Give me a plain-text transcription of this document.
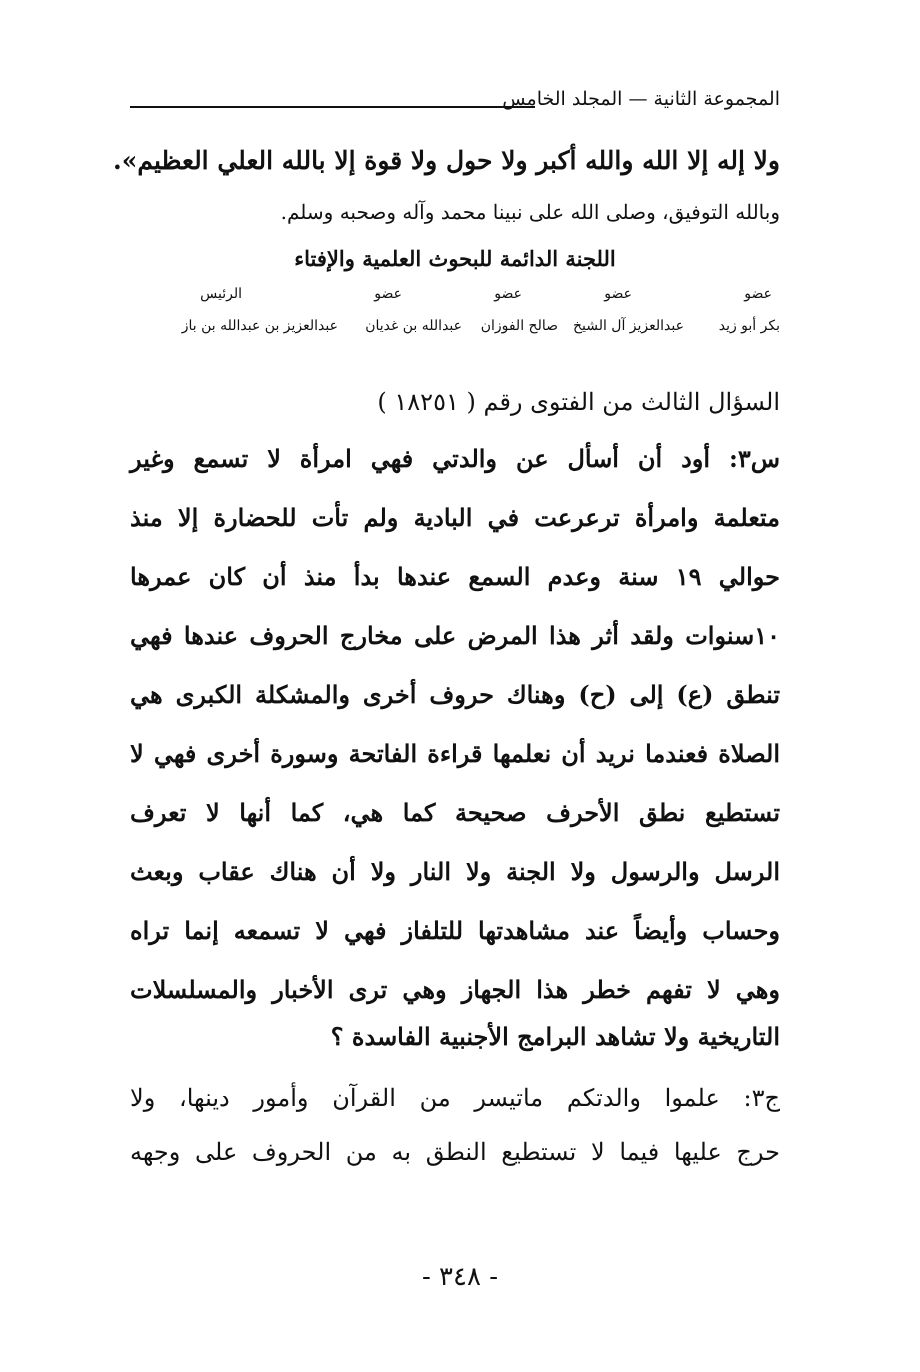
المجموعة الثانية — المجلد الخامس
ولا إله إلا الله والله أكبر ولا حول ولا قوة إلا بالله العلي العظيم».
وبالله التوفيق، وصلى الله على نبينا محمد وآله وصحبه وسلم.
اللجنة الدائمة للبحوث العلمية والإفتاء
عضو
عضو
عضو
عضو
الرئيس
بكر أبو زيد
عبدالعزيز آل الشيخ
صالح الفوزان
عبدالله بن غديان
عبدالعزيز بن عبدالله بن باز
السؤال الثالث من الفتوى رقم ( ١٨٢٥١ )
س٣: أود أن أسأل عن والدتي فهي امرأة لا تسمع وغير
متعلمة وامرأة ترعرعت في البادية ولم تأت للحضارة إلا منذ
حوالي ١٩ سنة وعدم السمع عندها بدأ منذ أن كان عمرها
١٠سنوات ولقد أثر هذا المرض على مخارج الحروف عندها فهي
تنطق (ع) إلى (ح) وهناك حروف أخرى والمشكلة الكبرى هي
الصلاة فعندما نريد أن نعلمها قراءة الفاتحة وسورة أخرى فهي لا
تستطيع نطق الأحرف صحيحة كما هي، كما أنها لا تعرف
الرسل والرسول ولا الجنة ولا النار ولا أن هناك عقاب وبعث
وحساب وأيضاً عند مشاهدتها للتلفاز فهي لا تسمعه إنما تراه
وهي لا تفهم خطر هذا الجهاز وهي ترى الأخبار والمسلسلات
التاريخية ولا تشاهد البرامج الأجنبية الفاسدة ؟
ج٣: علموا والدتكم ماتيسر من القرآن وأمور دينها، ولا
حرج عليها فيما لا تستطيع النطق به من الحروف على وجهه
- ٣٤٨ -
